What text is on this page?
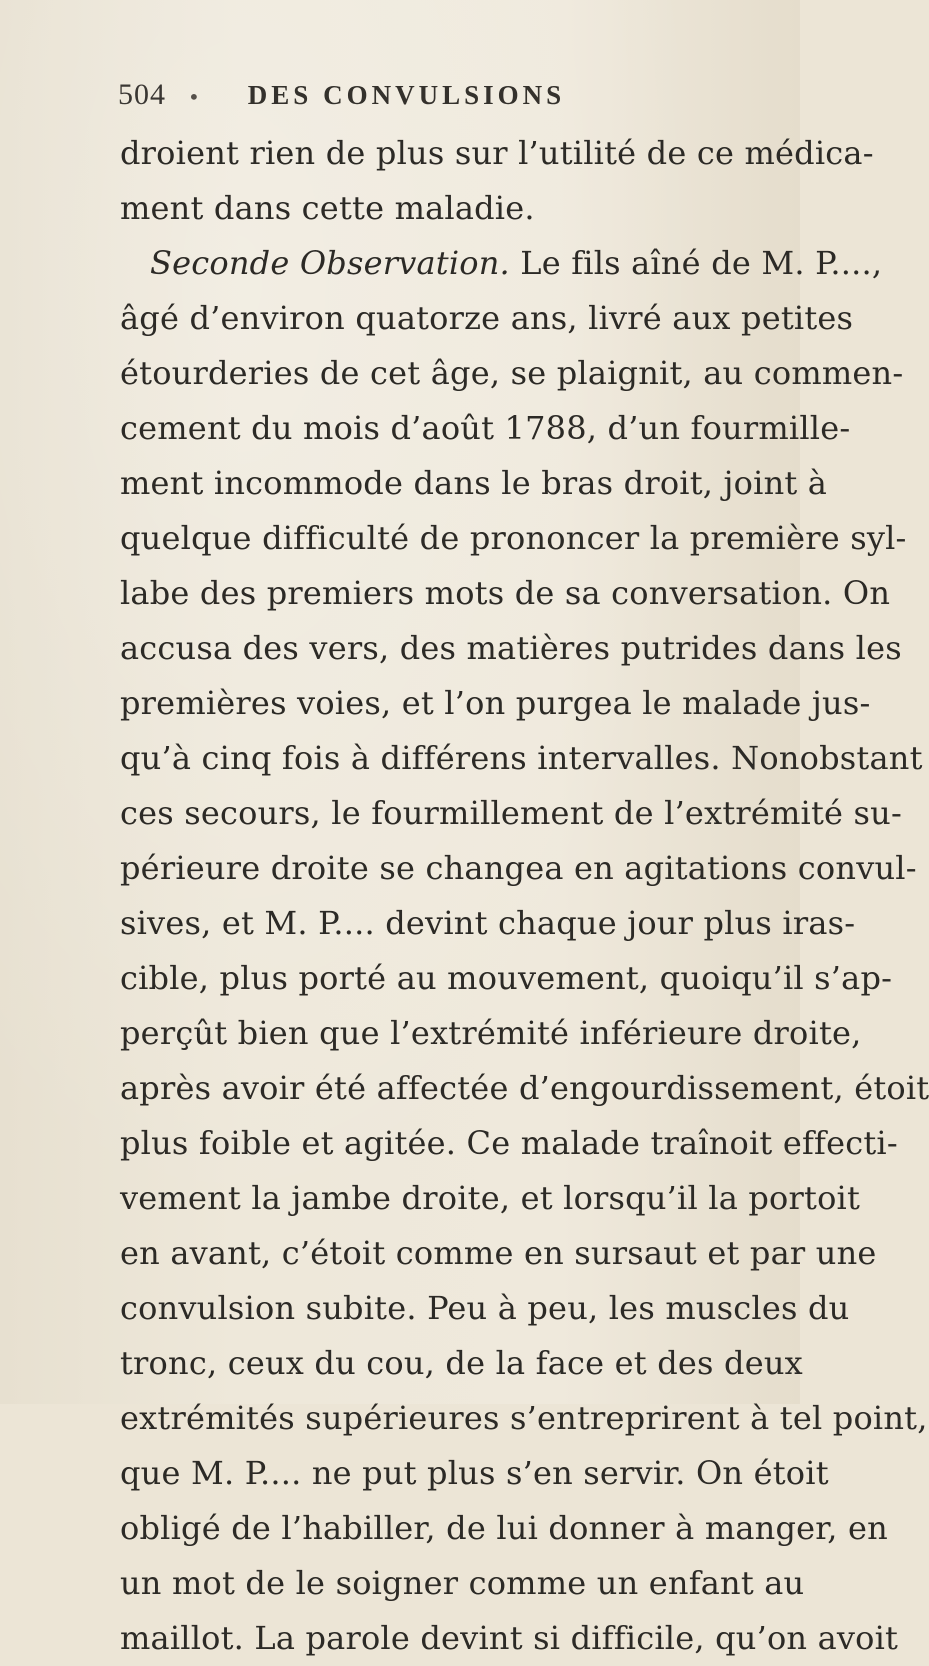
504 • DES CONVULSIONS
droient rien de plus sur l’utilité de ce médica-
ment dans cette maladie.
Seconde Observation. Le fils aîné de M. P....,
âgé d’environ quatorze ans, livré aux petites
étourderies de cet âge, se plaignit, au commen-
cement du mois d’août 1788, d’un fourmille-
ment incommode dans le bras droit, joint à
quelque difficulté de prononcer la première syl-
labe des premiers mots de sa conversation. On
accusa des vers, des matières putrides dans les
premières voies, et l’on purgea le malade jus-
qu’à cinq fois à différens intervalles. Nonobstant
ces secours, le fourmillement de l’extrémité su-
périeure droite se changea en agitations convul-
sives, et M. P.... devint chaque jour plus iras-
cible, plus porté au mouvement, quoiqu’il s’ap-
perçût bien que l’extrémité inférieure droite,
après avoir été affectée d’engourdissement, étoit
plus foible et agitée. Ce malade traînoit effecti-
vement la jambe droite, et lorsqu’il la portoit
en avant, c’étoit comme en sursaut et par une
convulsion subite. Peu à peu, les muscles du
tronc, ceux du cou, de la face et des deux
extrémités supérieures s’entreprirent à tel point,
que M. P.... ne put plus s’en servir. On étoit
obligé de l’habiller, de lui donner à manger, en
un mot de le soigner comme un enfant au
maillot. La parole devint si difficile, qu’on avoit
